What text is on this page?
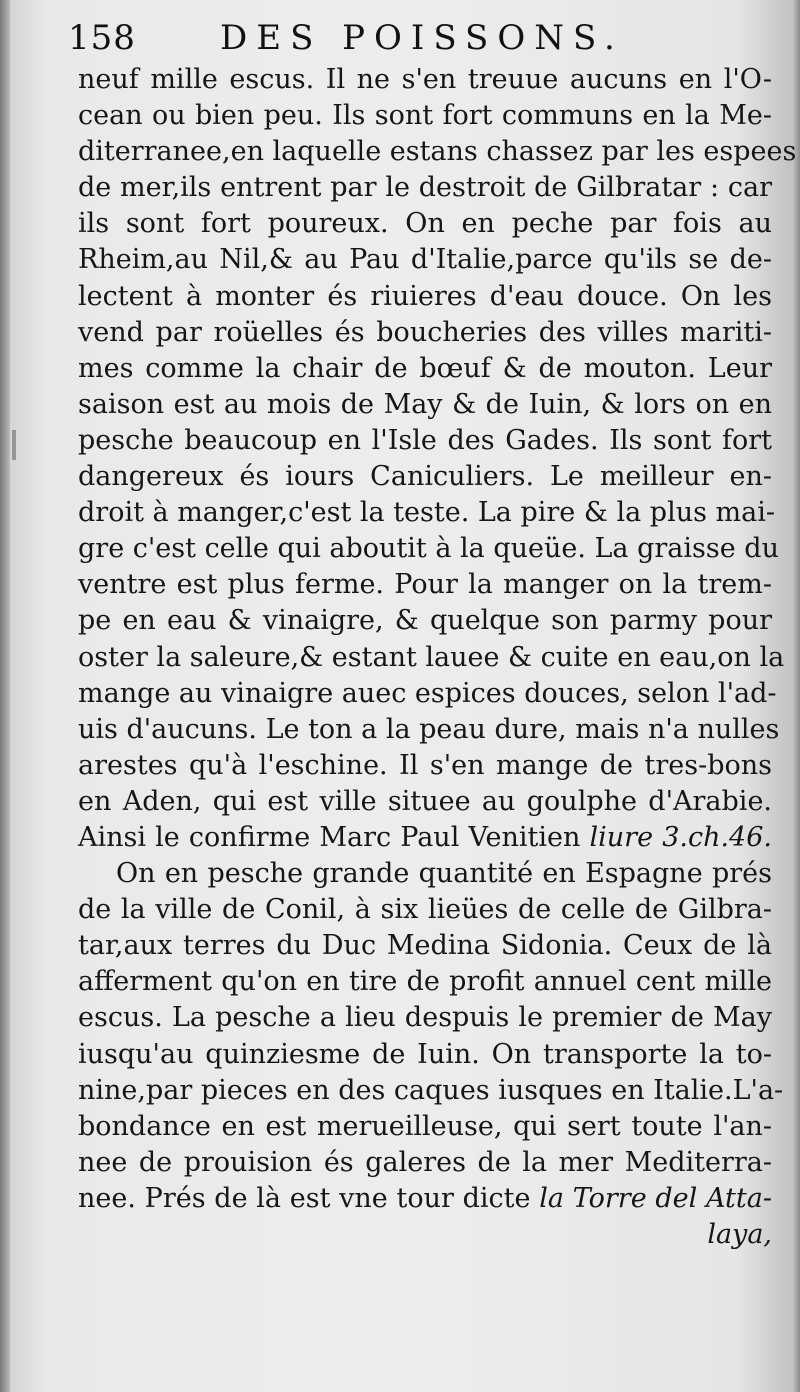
158 DES POISSONS.
neuf mille escus. Il ne s'en treuue aucuns en l'O-
cean ou bien peu. Ils sont fort communs en la Me-
diterranee,en laquelle estans chassez par les espees
de mer,ils entrent par le destroit de Gilbratar : car
ils sont fort poureux. On en peche par fois au
Rheim,au Nil,& au Pau d'Italie,parce qu'ils se de-
lectent à monter és riuieres d'eau douce. On les
vend par roüelles és boucheries des villes mariti-
mes comme la chair de bœuf & de mouton. Leur
saison est au mois de May & de Iuin, & lors on en
pesche beaucoup en l'Isle des Gades. Ils sont fort
dangereux és iours Caniculiers. Le meilleur en-
droit à manger,c'est la teste. La pire & la plus mai-
gre c'est celle qui aboutit à la queüe. La graisse du
ventre est plus ferme. Pour la manger on la trem-
pe en eau & vinaigre, & quelque son parmy pour
oster la saleure,& estant lauee & cuite en eau,on la
mange au vinaigre auec espices douces, selon l'ad-
uis d'aucuns. Le ton a la peau dure, mais n'a nulles
arestes qu'à l'eschine. Il s'en mange de tres-bons
en Aden, qui est ville situee au goulphe d'Arabie.
Ainsi le confirme Marc Paul Venitien liure 3.ch.46.
On en pesche grande quantité en Espagne prés
de la ville de Conil, à six lieües de celle de Gilbra-
tar,aux terres du Duc Medina Sidonia. Ceux de là
afferment qu'on en tire de profit annuel cent mille
escus. La pesche a lieu despuis le premier de May
iusqu'au quinziesme de Iuin. On transporte la to-
nine,par pieces en des caques iusques en Italie.L'a-
bondance en est merueilleuse, qui sert toute l'an-
nee de prouision és galeres de la mer Mediterra-
nee. Prés de là est vne tour dicte la Torre del Atta-
laya,
